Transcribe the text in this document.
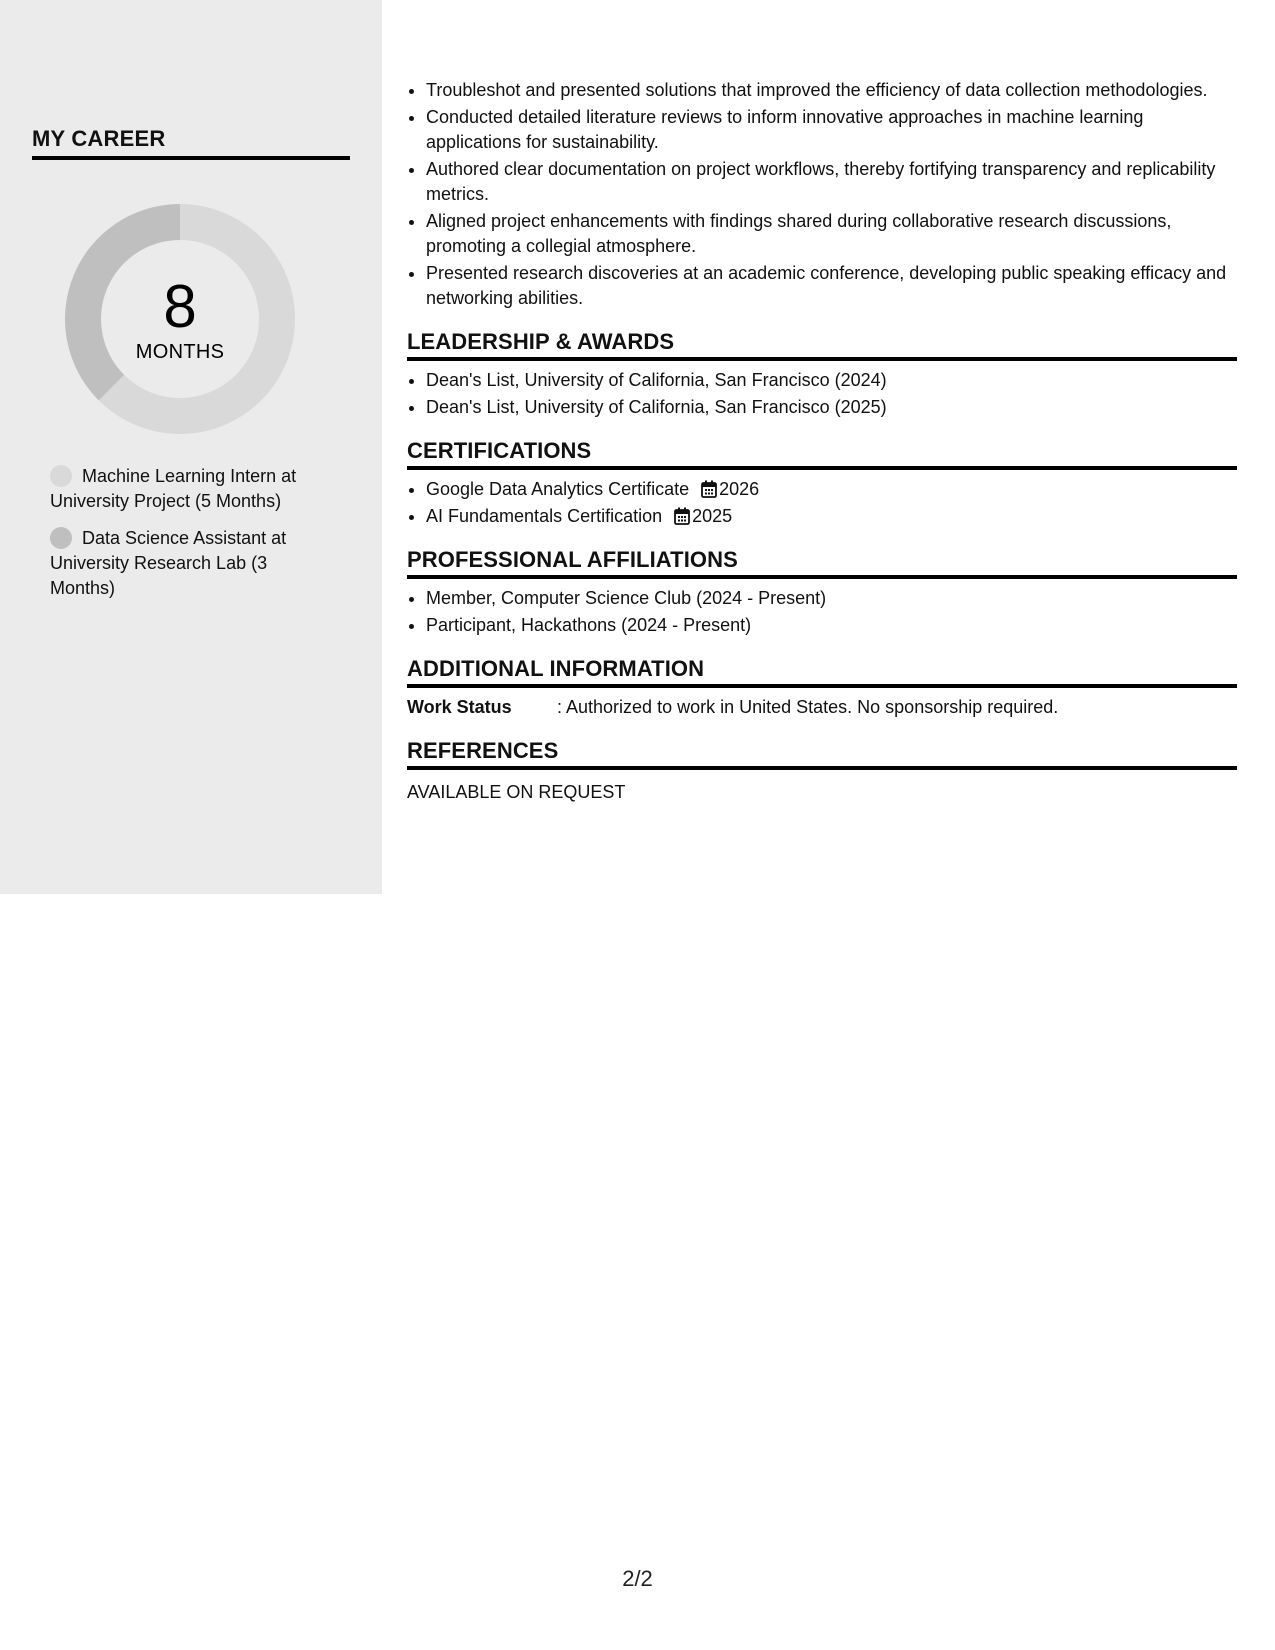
MY CAREER
8
MONTHS
Machine Learning Intern at University Project (5 Months)
Data Science Assistant at University Research Lab (3 Months)
• Troubleshot and presented solutions that improved the efficiency of data collection methodologies.
• Conducted detailed literature reviews to inform innovative approaches in machine learning applications for sustainability.
• Authored clear documentation on project workflows, thereby fortifying transparency and replicability metrics.
• Aligned project enhancements with findings shared during collaborative research discussions, promoting a collegial atmosphere.
• Presented research discoveries at an academic conference, developing public speaking efficacy and networking abilities.
LEADERSHIP & AWARDS
• Dean's List, University of California, San Francisco (2024)
• Dean's List, University of California, San Francisco (2025)
CERTIFICATIONS
• Google Data Analytics Certificate 2026
• AI Fundamentals Certification 2025
PROFESSIONAL AFFILIATIONS
• Member, Computer Science Club (2024 - Present)
• Participant, Hackathons (2024 - Present)
ADDITIONAL INFORMATION
Work Status	: Authorized to work in United States. No sponsorship required.
REFERENCES
AVAILABLE ON REQUEST
2/2
